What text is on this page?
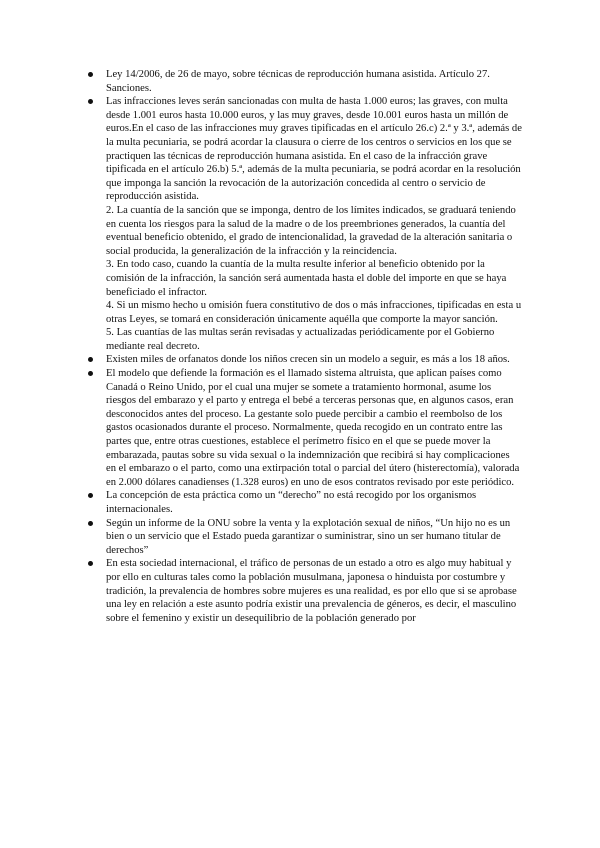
Ley 14/2006, de 26 de mayo, sobre técnicas de reproducción humana asistida. Artículo 27. Sanciones.
Las infracciones leves serán sancionadas con multa de hasta 1.000 euros; las graves, con multa desde 1.001 euros hasta 10.000 euros, y las muy graves, desde 10.001 euros hasta un millón de euros.En el caso de las infracciones muy graves tipificadas en el artículo 26.c) 2.ª y 3.ª, además de la multa pecuniaria, se podrá acordar la clausura o cierre de los centros o servicios en los que se practiquen las técnicas de reproducción humana asistida. En el caso de la infracción grave tipificada en el artículo 26.b) 5.ª, además de la multa pecuniaria, se podrá acordar en la resolución que imponga la sanción la revocación de la autorización concedida al centro o servicio de reproducción asistida.
2. La cuantía de la sanción que se imponga, dentro de los límites indicados, se graduará teniendo en cuenta los riesgos para la salud de la madre o de los preembriones generados, la cuantía del eventual beneficio obtenido, el grado de intencionalidad, la gravedad de la alteración sanitaria o social producida, la generalización de la infracción y la reincidencia.
3. En todo caso, cuando la cuantía de la multa resulte inferior al beneficio obtenido por la comisión de la infracción, la sanción será aumentada hasta el doble del importe en que se haya beneficiado el infractor.
4. Si un mismo hecho u omisión fuera constitutivo de dos o más infracciones, tipificadas en esta u otras Leyes, se tomará en consideración únicamente aquélla que comporte la mayor sanción.
5. Las cuantías de las multas serán revisadas y actualizadas periódicamente por el Gobierno mediante real decreto.
Existen miles de orfanatos donde los niños crecen sin un modelo a seguir, es más a los 18 años.
El modelo que defiende la formación es el llamado sistema altruista, que aplican países como Canadá o Reino Unido, por el cual una mujer se somete a tratamiento hormonal, asume los riesgos del embarazo y el parto y entrega el bebé a terceras personas que, en algunos casos, eran desconocidos antes del proceso. La gestante solo puede percibir a cambio el reembolso de los gastos ocasionados durante el proceso. Normalmente, queda recogido en un contrato entre las partes que, entre otras cuestiones, establece el perímetro físico en el que se puede mover la embarazada, pautas sobre su vida sexual o la indemnización que recibirá si hay complicaciones en el embarazo o el parto, como una extirpación total o parcial del útero (histerectomía), valorada en 2.000 dólares canadienses (1.328 euros) en uno de esos contratos revisado por este periódico.
La concepción de esta práctica como un “derecho” no está recogido por los organismos internacionales.
Según un informe de la ONU sobre la venta y la explotación sexual de niños, “Un hijo no es un bien o un servicio que el Estado pueda garantizar o suministrar, sino un ser humano titular de derechos”
En esta sociedad internacional, el tráfico de personas de un estado a otro es algo muy habitual y por ello en culturas tales como la población musulmana, japonesa o hinduista por costumbre y tradición, la prevalencia de hombres sobre mujeres es una realidad, es por ello que si se aprobase una ley en relación a este asunto podría existir una prevalencia de géneros, es decir, el masculino sobre el femenino y existir un desequilibrio de la población generado por
